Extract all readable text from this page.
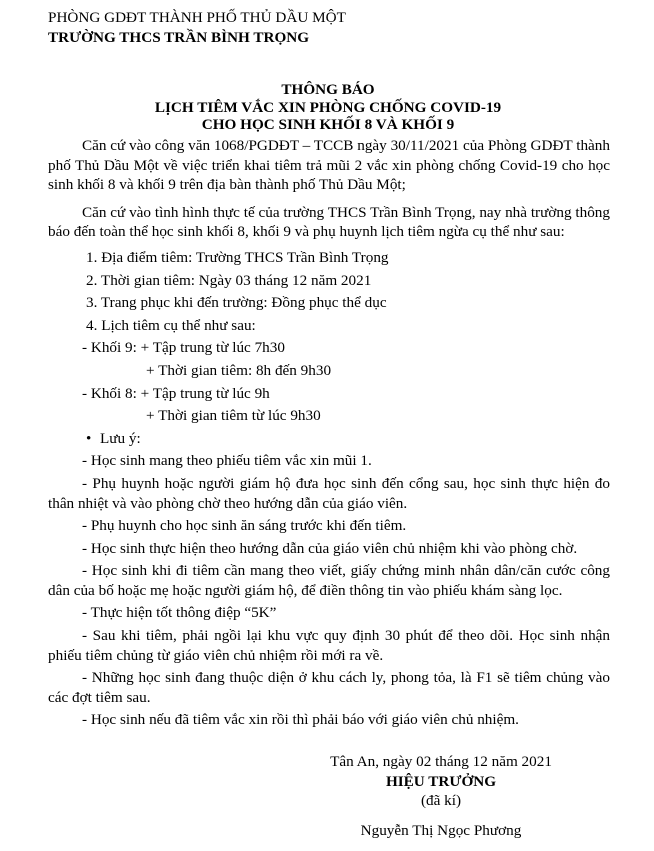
PHÒNG GDĐT THÀNH PHỐ THỦ DẦU MỘT
TRƯỜNG THCS TRẦN BÌNH TRỌNG
THÔNG BÁO
LỊCH TIÊM VẮC XIN PHÒNG CHỐNG COVID-19
CHO HỌC SINH KHỐI 8 VÀ KHỐI 9
Căn cứ vào công văn 1068/PGDĐT – TCCB ngày 30/11/2021 của Phòng GDĐT thành phố Thủ Dầu Một về việc triển khai tiêm trả mũi 2 vắc xin phòng chống Covid-19 cho học sinh khối 8 và khối 9 trên địa bàn thành phố Thủ Dầu Một;
Căn cứ vào tình hình thực tế của trường THCS Trần Bình Trọng, nay nhà trường thông báo đến toàn thể học sinh khối 8, khối 9 và phụ huynh lịch tiêm ngừa cụ thể như sau:
1. Địa điểm tiêm: Trường THCS Trần Bình Trọng
2. Thời gian tiêm: Ngày 03 tháng 12 năm 2021
3. Trang phục khi đến trường: Đồng phục thể dục
4. Lịch tiêm cụ thể như sau:
- Khối 9: + Tập trung từ lúc 7h30
+ Thời gian tiêm: 8h đến 9h30
- Khối 8: + Tập trung từ lúc 9h
+ Thời gian tiêm từ lúc 9h30
• Lưu ý:
- Học sinh mang theo phiếu tiêm vắc xin mũi 1.
- Phụ huynh hoặc người giám hộ đưa học sinh đến cổng sau, học sinh thực hiện đo thân nhiệt và vào phòng chờ theo hướng dẫn của giáo viên.
- Phụ huynh cho học sinh ăn sáng trước khi đến tiêm.
- Học sinh thực hiện theo hướng dẫn của giáo viên chủ nhiệm khi vào phòng chờ.
- Học sinh khi đi tiêm cần mang theo viết, giấy chứng minh nhân dân/căn cước công dân của bố hoặc mẹ hoặc người giám hộ, để điền thông tin vào phiếu khám sàng lọc.
- Thực hiện tốt thông điệp “5K”
- Sau khi tiêm, phải ngồi lại khu vực quy định 30 phút để theo dõi. Học sinh nhận phiếu tiêm chủng từ giáo viên chủ nhiệm rồi mới ra về.
- Những học sinh đang thuộc diện ở khu cách ly, phong tỏa, là F1 sẽ tiêm chủng vào các đợt tiêm sau.
- Học sinh nếu đã tiêm vắc xin rồi thì phải báo với giáo viên chủ nhiệm.
Tân An, ngày 02 tháng 12 năm 2021
HIỆU TRƯỞNG
(đã kí)
Nguyễn Thị Ngọc Phương
